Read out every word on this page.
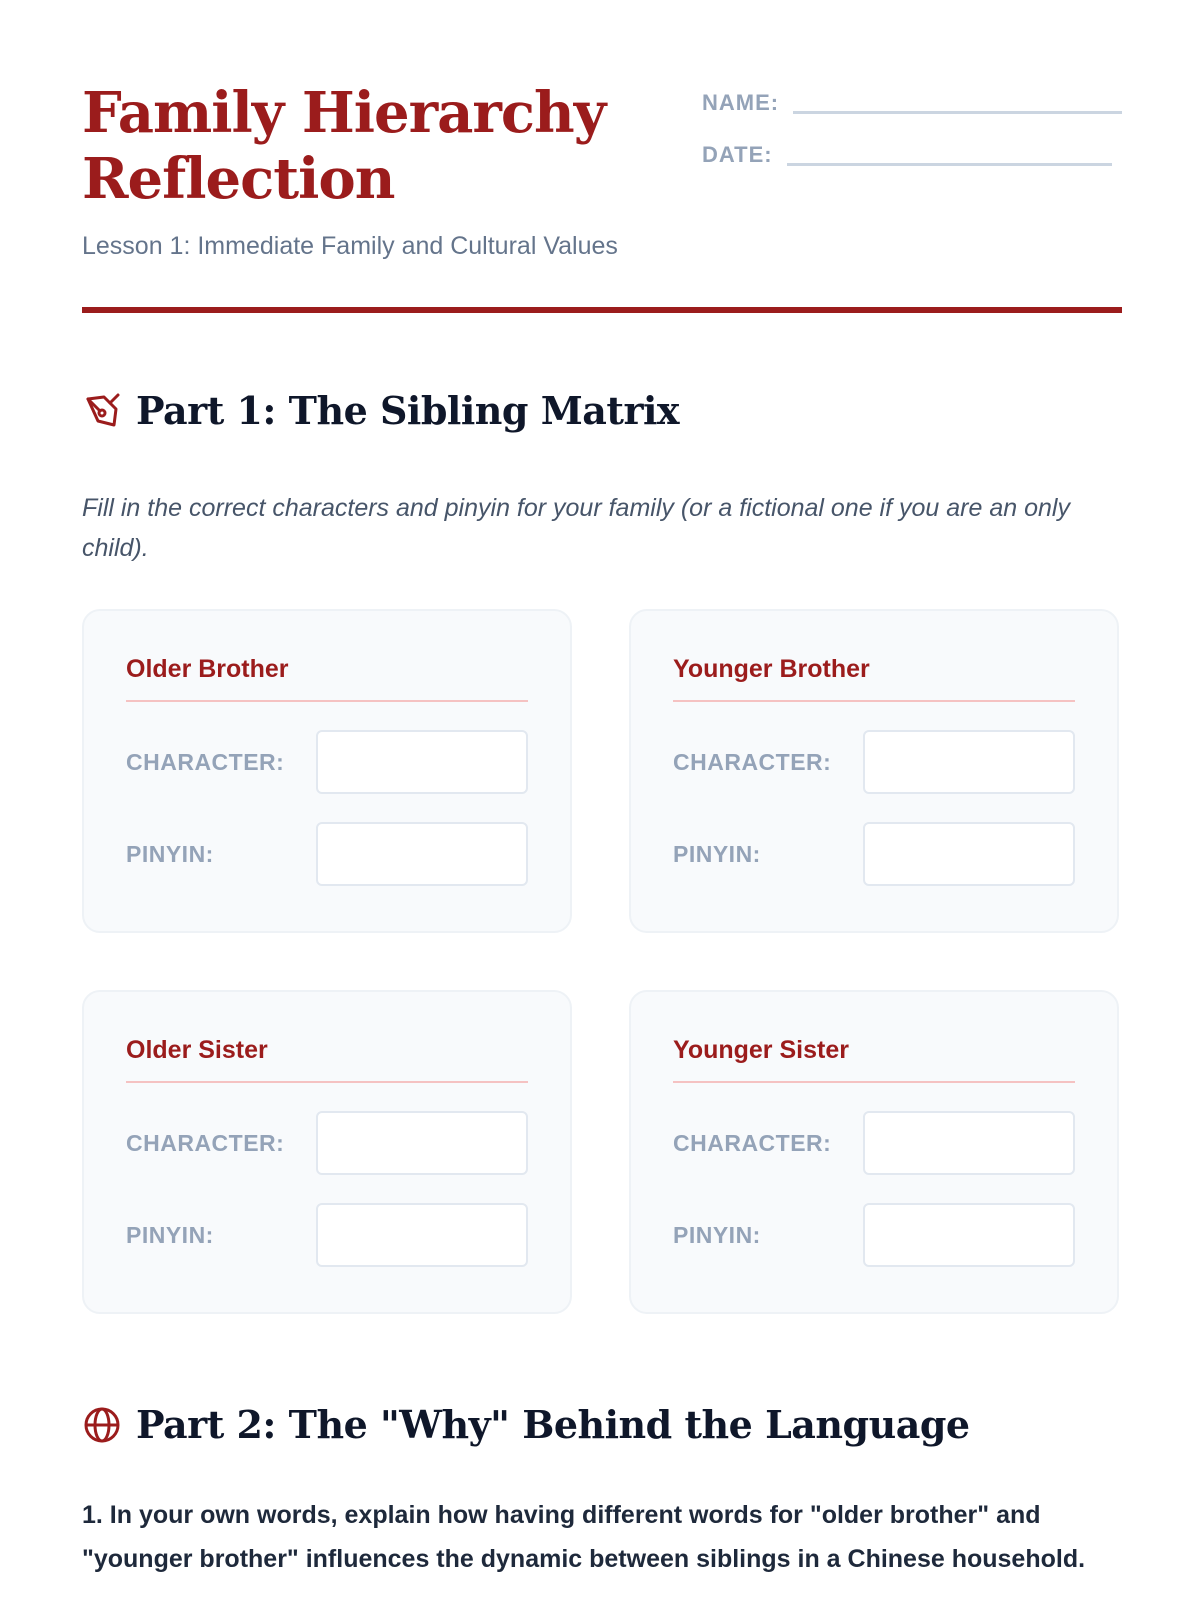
Family Hierarchy Reflection
Lesson 1: Immediate Family and Cultural Values
NAME:
DATE:
Part 1: The Sibling Matrix
Fill in the correct characters and pinyin for your family (or a fictional one if you are an only child).
Older Brother
CHARACTER:
PINYIN:
Younger Brother
CHARACTER:
PINYIN:
Older Sister
CHARACTER:
PINYIN:
Younger Sister
CHARACTER:
PINYIN:
Part 2: The "Why" Behind the Language
1. In your own words, explain how having different words for "older brother" and "younger brother" influences the dynamic between siblings in a Chinese household.
